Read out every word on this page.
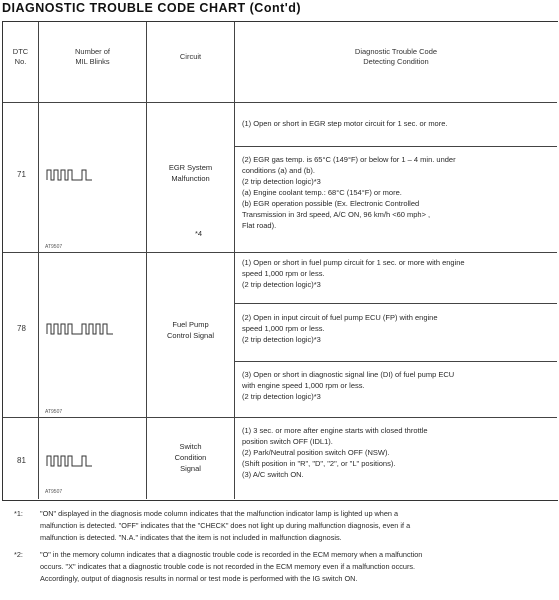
DIAGNOSTIC TROUBLE CODE CHART (Cont'd)
DTC
No.
Number of
MIL Blinks
Circuit
Diagnostic Trouble Code
Detecting Condition
71
AT9507
EGR System
Malfunction
*4
(1) Open or short in EGR step motor circuit for 1 sec. or more.
(2) EGR gas temp. is 65°C (149°F) or below for 1 – 4 min. under
conditions (a) and (b).
(2 trip detection logic)*3
(a) Engine coolant temp.: 68°C (154°F) or more.
(b) EGR operation possible (Ex. Electronic Controlled
Transmission in 3rd speed, A/C ON, 96 km/h <60 mph> ,
Flat road).
78
AT9507
Fuel Pump
Control Signal
(1) Open or short in fuel pump circuit for 1 sec. or more with engine
speed 1,000 rpm or less.
(2 trip detection logic)*3
(2) Open in input circuit of fuel pump ECU (FP) with engine
speed 1,000 rpm or less.
(2 trip detection logic)*3
(3) Open or short in diagnostic signal line (DI) of fuel pump ECU
with engine speed 1,000 rpm or less.
(2 trip detection logic)*3
81
AT9507
Switch
Condition
Signal
(1) 3 sec. or more after engine starts with closed throttle
position switch OFF (IDL1).
(2) Park/Neutral position switch OFF (NSW).
(Shift position in "R", "D", "2", or "L" positions).
(3) A/C switch ON.
*1: "ON" displayed in the diagnosis mode column indicates that the malfunction indicator lamp is lighted up when a
malfunction is detected. "OFF" indicates that the "CHECK" does not light up during malfunction diagnosis, even if a
malfunction is detected. "N.A." indicates that the item is not included in malfunction diagnosis.
*2: "O" in the memory column indicates that a diagnostic trouble code is recorded in the ECM memory when a malfunction
occurs. "X" indicates that a diagnostic trouble code is not recorded in the ECM memory even if a malfunction occurs.
Accordingly, output of diagnosis results in normal or test mode is performed with the IG switch ON.
